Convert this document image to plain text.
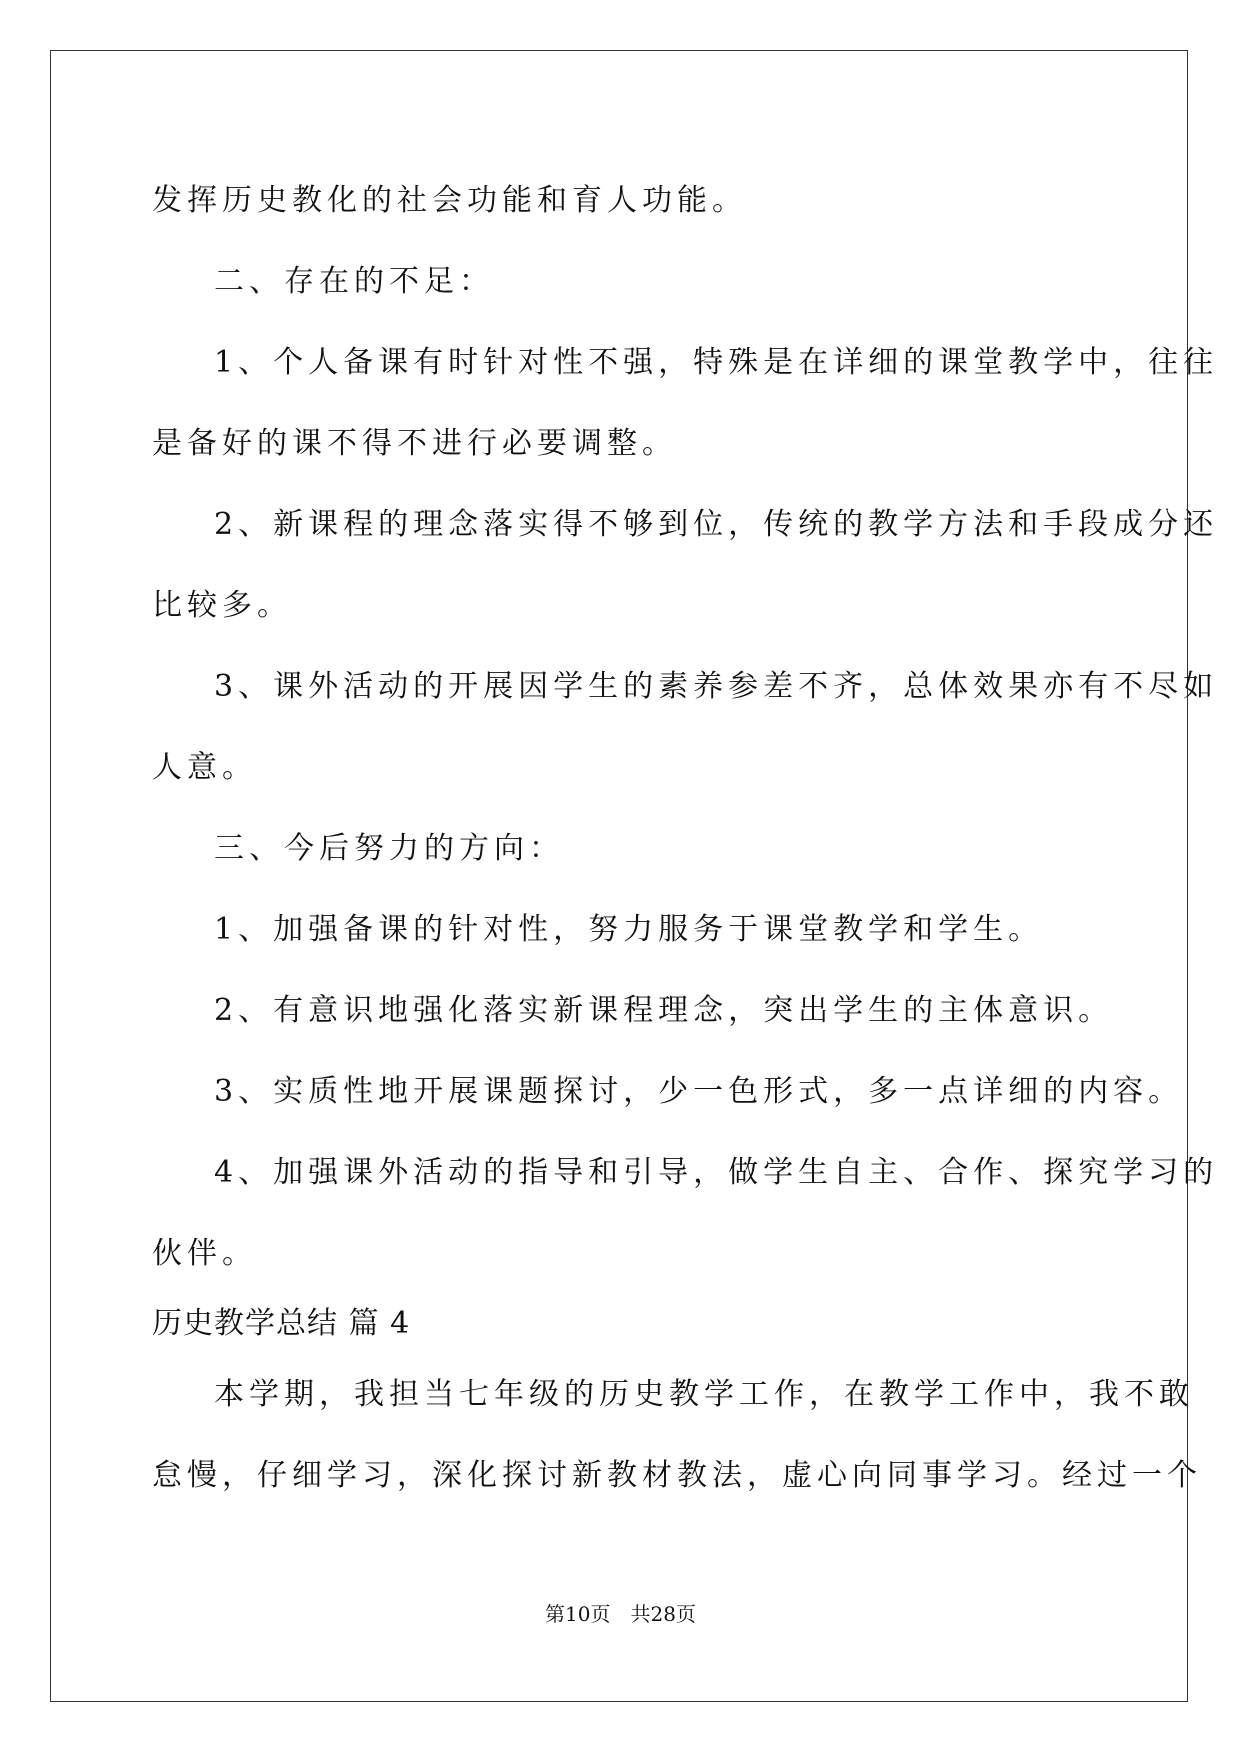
发挥历史教化的社会功能和育人功能。
二、存在的不足：
1、个人备课有时针对性不强，特殊是在详细的课堂教学中，往往
是备好的课不得不进行必要调整。
2、新课程的理念落实得不够到位，传统的教学方法和手段成分还
比较多。
3、课外活动的开展因学生的素养参差不齐，总体效果亦有不尽如
人意。
三、今后努力的方向：
1、加强备课的针对性，努力服务于课堂教学和学生。
2、有意识地强化落实新课程理念，突出学生的主体意识。
3、实质性地开展课题探讨，少一色形式，多一点详细的内容。
4、加强课外活动的指导和引导，做学生自主、合作、探究学习的
伙伴。
历史教学总结 篇 4
本学期，我担当七年级的历史教学工作，在教学工作中，我不敢
怠慢，仔细学习，深化探讨新教材教法，虚心向同事学习。经过一个
第10页　共28页
